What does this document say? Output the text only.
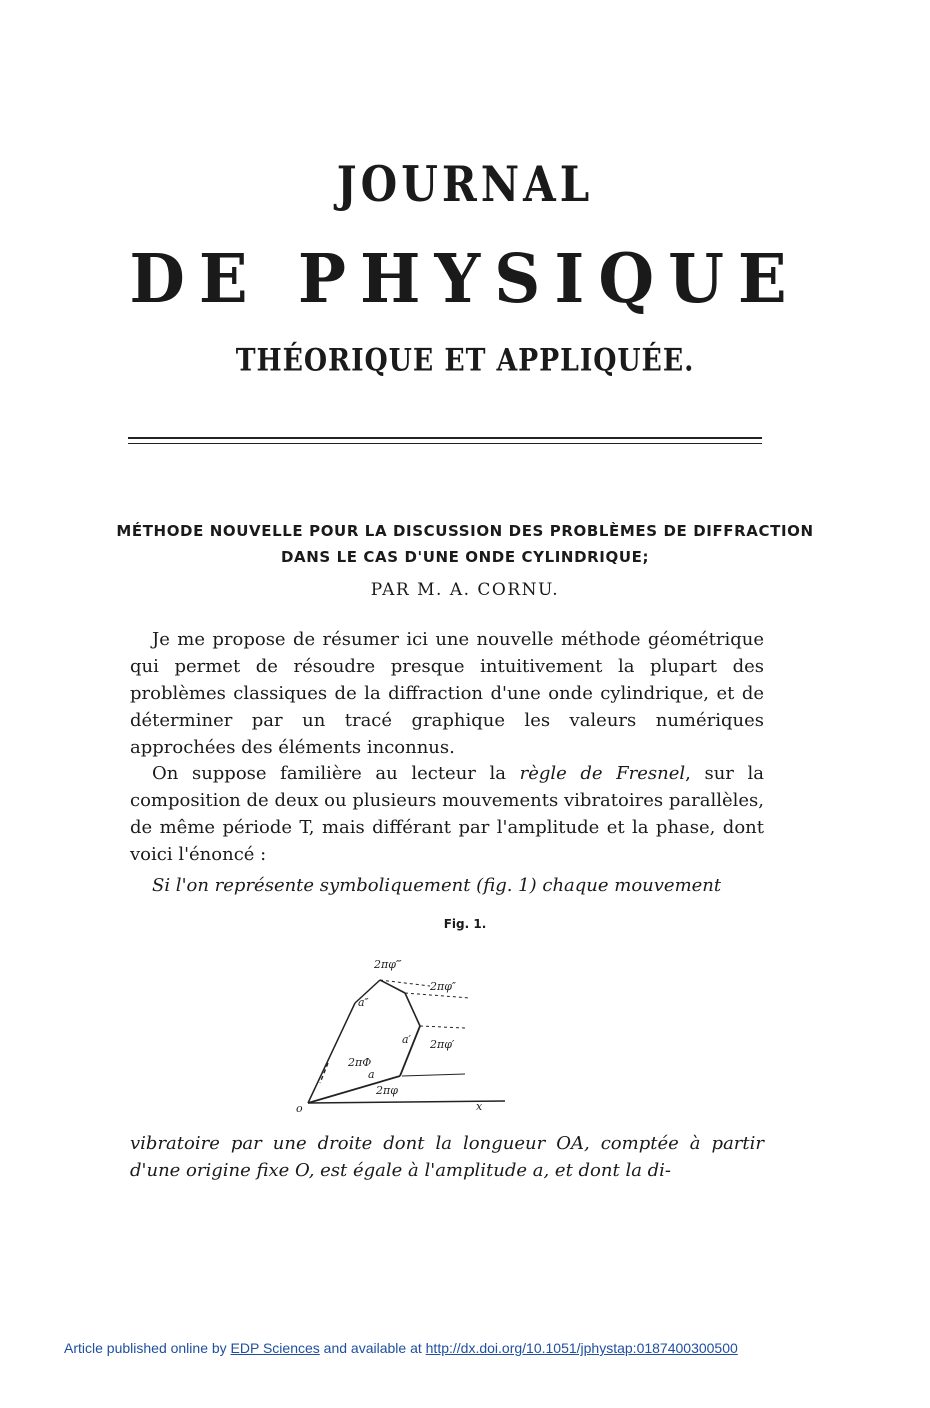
JOURNAL
DE PHYSIQUE
THÉORIQUE ET APPLIQUÉE.
MÉTHODE NOUVELLE POUR LA DISCUSSION DES PROBLÈMES DE DIFFRACTION
DANS LE CAS D'UNE ONDE CYLINDRIQUE;
PAR M. A. CORNU.
Je me propose de résumer ici une nouvelle méthode géométrique qui permet de résoudre presque intuitivement la plupart des problèmes classiques de la diffraction d'une onde cylindrique, et de déterminer par un tracé graphique les valeurs numériques approchées des éléments inconnus.
On suppose familière au lecteur la règle de Fresnel, sur la composition de deux ou plusieurs mouvements vibratoires parallèles, de même période T, mais différant par l'amplitude et la phase, dont voici l'énoncé :
Si l'on représente symboliquement (fig. 1) chaque mouvement
Fig. 1.
o	x
a
a′
a″
2πΦ
2πφ
2πφ′
2πφ″
2πφ‴
vibratoire par une droite dont la longueur OA, comptée à partir d'une origine fixe O, est égale à l'amplitude a, et dont la di-
Article published online by EDP Sciences and available at http://dx.doi.org/10.1051/jphystap:0187400300500
